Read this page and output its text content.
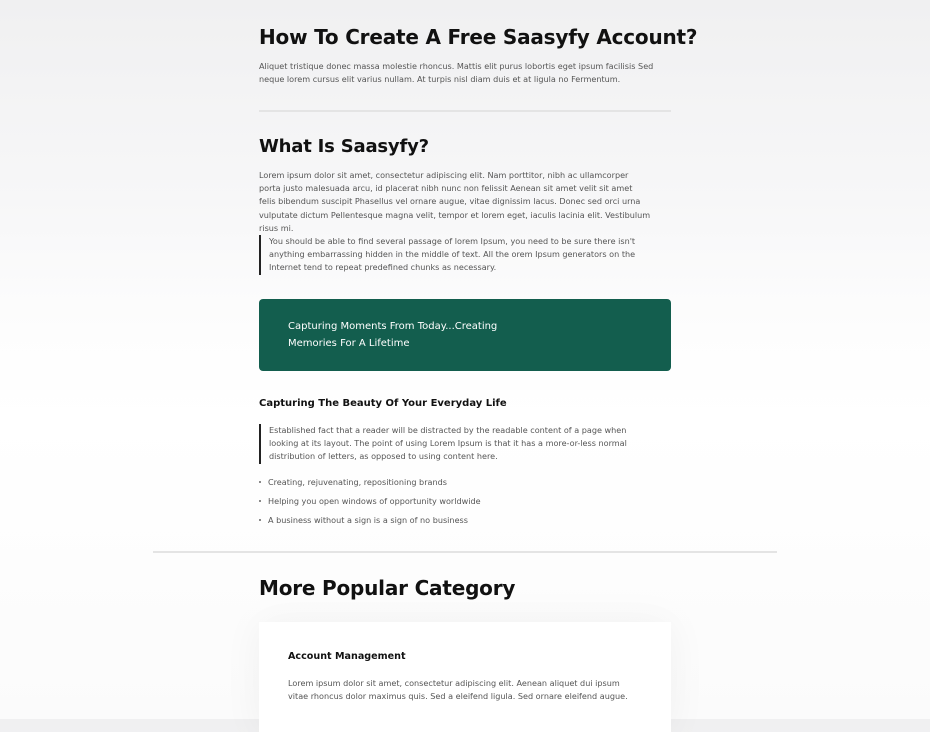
How To Create A Free Saasyfy Account?

Aliquet tristique donec massa molestie rhoncus. Mattis elit purus lobortis eget ipsum facilisis Sed neque lorem cursus elit varius nullam. At turpis nisl diam duis et at ligula no Fermentum.

What Is Saasyfy?

Lorem ipsum dolor sit amet, consectetur adipiscing elit. Nam porttitor, nibh ac ullamcorper porta justo malesuada arcu, id placerat nibh nunc non felissit Aenean sit amet velit sit amet felis bibendum suscipit Phasellus vel ornare augue, vitae dignissim lacus. Donec sed orci urna vulputate dictum Pellentesque magna velit, tempor et lorem eget, iaculis lacinia elit. Vestibulum risus mi.

You should be able to find several passage of lorem Ipsum, you need to be sure there isn't anything embarrassing hidden in the middle of text. All the orem Ipsum generators on the Internet tend to repeat predefined chunks as necessary.

Capturing Moments From Today...Creating Memories For A Lifetime

Capturing The Beauty Of Your Everyday Life

Established fact that a reader will be distracted by the readable content of a page when looking at its layout. The point of using Lorem Ipsum is that it has a more-or-less normal distribution of letters, as opposed to using content here.

Creating, rejuvenating, repositioning brands
Helping you open windows of opportunity worldwide
A business without a sign is a sign of no business
More Popular Category
Account Management

Lorem ipsum dolor sit amet, consectetur adipiscing elit. Aenean aliquet dui ipsum vitae rhoncus dolor maximus quis. Sed a eleifend ligula. Sed ornare eleifend augue.
